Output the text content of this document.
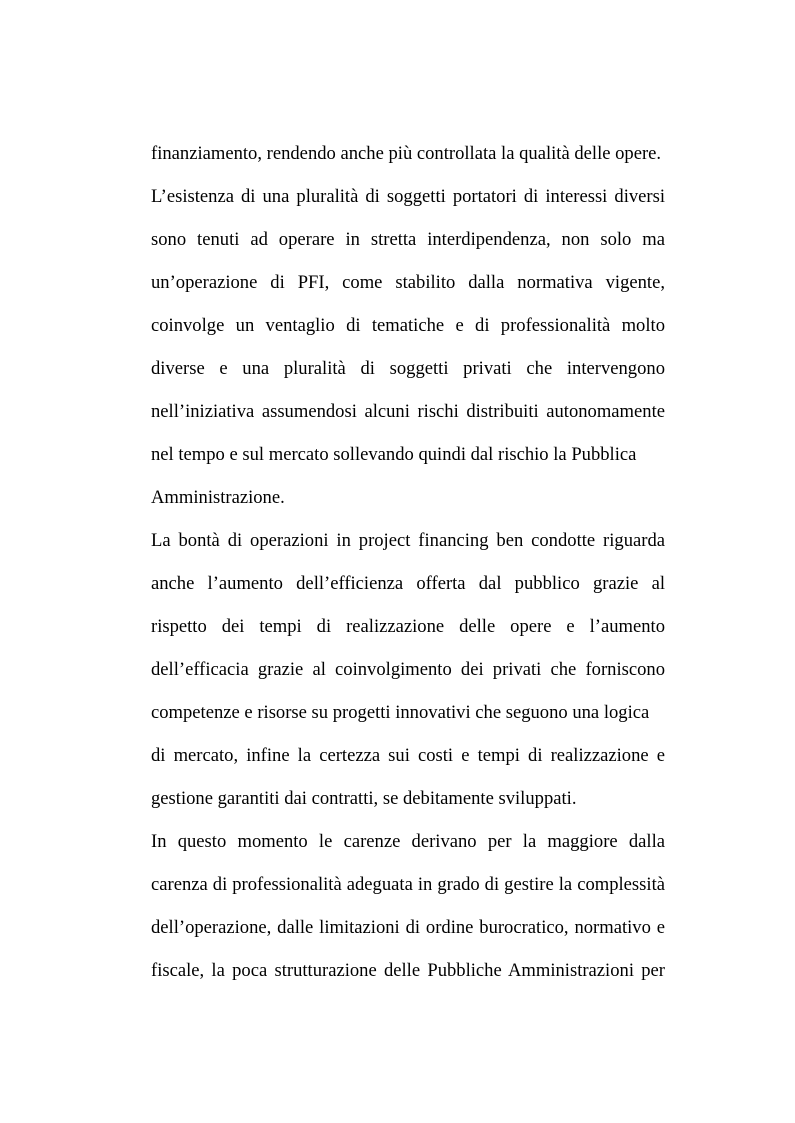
finanziamento, rendendo anche più controllata la qualità delle opere.
L’esistenza di una pluralità di soggetti portatori di interessi diversi
sono tenuti ad operare in stretta interdipendenza, non solo ma
un’operazione di PFI, come stabilito dalla normativa vigente,
coinvolge un ventaglio di tematiche e di professionalità molto
diverse e una pluralità di soggetti privati che intervengono
nell’iniziativa assumendosi alcuni rischi distribuiti autonomamente
nel tempo e sul mercato sollevando quindi dal rischio la Pubblica
Amministrazione.
La bontà di operazioni in project financing ben condotte riguarda
anche l’aumento dell’efficienza offerta dal pubblico grazie al
rispetto dei tempi di realizzazione delle opere e l’aumento
dell’efficacia grazie al coinvolgimento dei privati che forniscono
competenze e risorse su progetti innovativi che seguono una logica
di mercato, infine la certezza sui costi e tempi di realizzazione e
gestione garantiti dai contratti, se debitamente sviluppati.
In questo momento le carenze derivano per la maggiore dalla
carenza di professionalità adeguata in grado di gestire la complessità
dell’operazione, dalle limitazioni di ordine burocratico, normativo e
fiscale, la poca strutturazione delle Pubbliche Amministrazioni per
